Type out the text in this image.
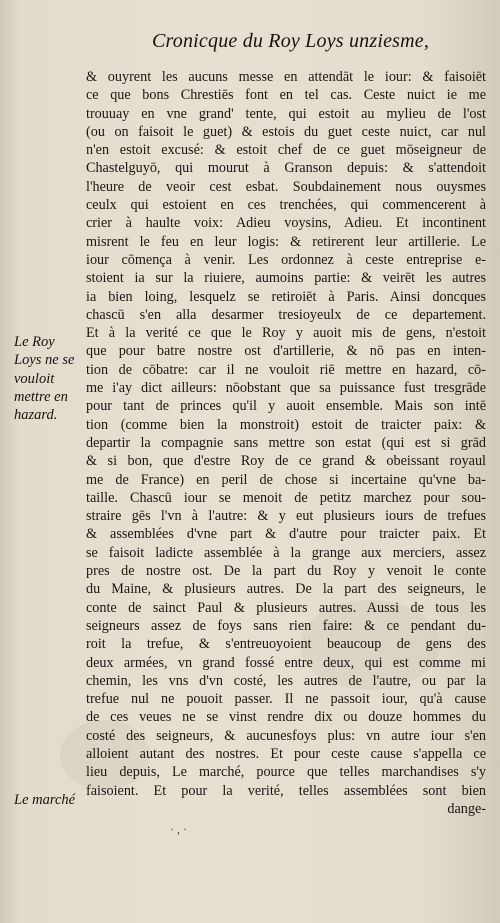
Cronicque du Roy Loys unziesme,
Le Roy
Loys ne se
vouloit
mettre en
hazard.
Le marché
& ouyrent les aucuns messe en attendāt le iour: & faisoiēt
ce que bons Chrestiēs font en tel cas. Ceste nuict ie me
trouuay en vne grand' tente, qui estoit au mylieu de l'ost
(ou on faisoit le guet) & estois du guet ceste nuict, car nul
n'en estoit excusé: & estoit chef de ce guet mōseigneur de
Chastelguyō, qui mourut à Granson depuis: & s'attendoit
l'heure de veoir cest esbat. Soubdainement nous ouysmes
ceulx qui estoient en ces trenchées, qui commencerent à
crier à haulte voix: Adieu voysins, Adieu. Et incontinent
misrent le feu en leur logis: & retirerent leur artillerie. Le
iour cōmença à venir. Les ordonnez à ceste entreprise e-
stoient ia sur la riuiere, aumoins partie: & veirēt les autres
ia bien loing, lesquelz se retiroiēt à Paris. Ainsi doncques
chascū s'en alla desarmer tresioyeulx de ce departement.
Et à la verité ce que le Roy y auoit mis de gens, n'estoit
que pour batre nostre ost d'artillerie, & nō pas en inten-
tion de cōbatre: car il ne vouloit riē mettre en hazard, cō-
me i'ay dict ailleurs: nōobstant que sa puissance fust tresgrāde
pour tant de princes qu'il y auoit ensemble. Mais son intē
tion (comme bien la monstroit) estoit de traicter paix: &
departir la compagnie sans mettre son estat (qui est si grād
& si bon, que d'estre Roy de ce grand & obeissant royaul
me de France) en peril de chose si incertaine qu'vne ba-
taille. Chascū iour se menoit de petitz marchez pour sou-
straire gēs l'vn à l'autre: & y eut plusieurs iours de trefues
& assemblées d'vne part & d'autre pour traicter paix. Et
se faisoit ladicte assemblée à la grange aux merciers, assez
pres de nostre ost. De la part du Roy y venoit le conte
du Maine, & plusieurs autres. De la part des seigneurs, le
conte de sainct Paul & plusieurs autres. Aussi de tous les
seigneurs assez de foys sans rien faire: & ce pendant du-
roit la trefue, & s'entreuoyoient beaucoup de gens des
deux armées, vn grand fossé entre deux, qui est comme mi
chemin, les vns d'vn costé, les autres de l'autre, ou par la
trefue nul ne pouoit passer. Il ne passoit iour, qu'à cause
de ces veues ne se vinst rendre dix ou douze hommes du
costé des seigneurs, & aucunesfoys plus: vn autre iour s'en
alloient autant des nostres. Et pour ceste cause s'appella ce
lieu depuis, Le marché, pource que telles marchandises s'y
faisoient. Et pour la verité, telles assemblées sont bien
dange-
· , ·
